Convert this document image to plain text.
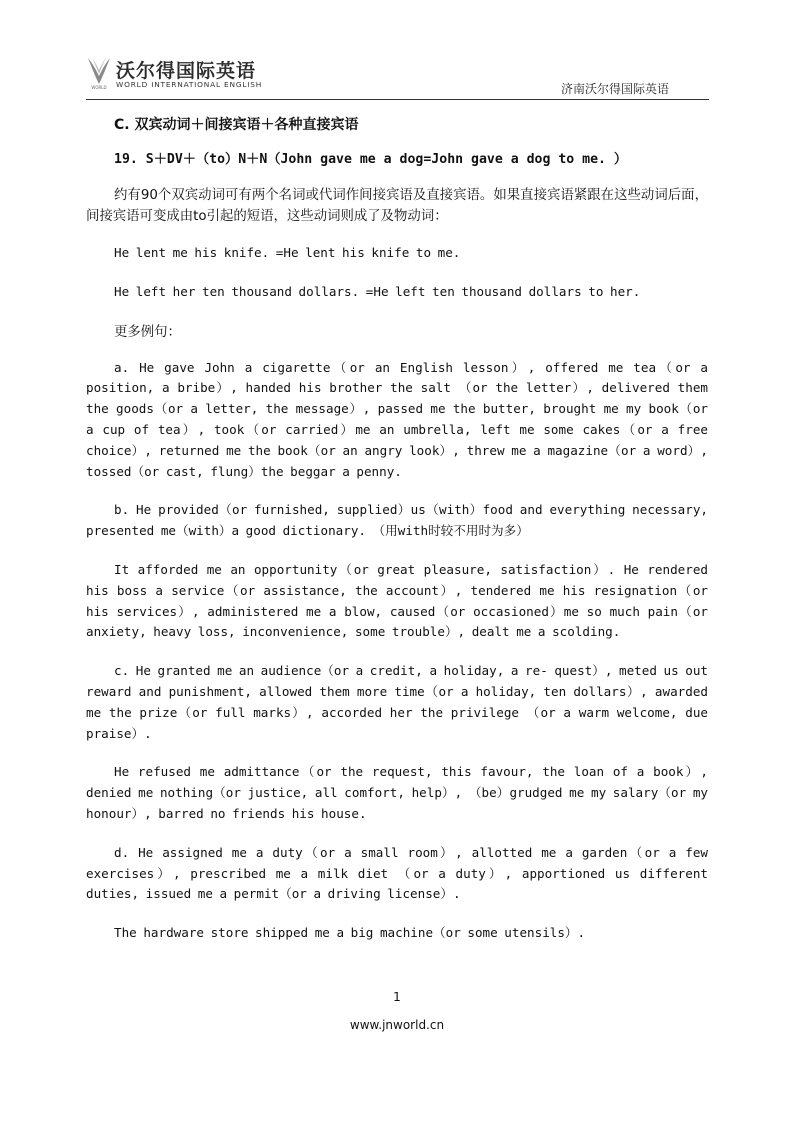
WORLD
沃尔得国际英语
WORLD INTERNATIONAL ENGLISH	济南沃尔得国际英语
C. 双宾动词＋间接宾语＋各种直接宾语
19. S＋DV＋（to）N＋N（John gave me a dog=John gave a dog to me. ）

约有90个双宾动词可有两个名词或代词作间接宾语及直接宾语。如果直接宾语紧跟在这些动词后面，间接宾语可变成由to引起的短语，这些动词则成了及物动词：

He lent me his knife. =He lent his knife to me.

He left her ten thousand dollars. =He left ten thousand dollars to her.

更多例句：

a. He gave John a cigarette（or an English lesson）, offered me tea（or a position, a bribe）, handed his brother the salt （or the letter）, delivered them the goods（or a letter, the message）, passed me the butter, brought me my book（or a cup of tea）, took（or carried）me an umbrella, left me some cakes（or a free choice）, returned me the book（or an angry look）, threw me a magazine（or a word）, tossed（or cast, flung）the beggar a penny.

b. He provided（or furnished, supplied）us（with）food and everything necessary, presented me（with）a good dictionary. （用with时较不用时为多）

It afforded me an opportunity（or great pleasure, satisfaction）. He rendered his boss a service（or assistance, the account）, tendered me his resignation（or his services）, administered me a blow, caused（or occasioned）me so much pain（or anxiety, heavy loss, inconvenience, some trouble）, dealt me a scolding.

c. He granted me an audience（or a credit, a holiday, a re- quest）, meted us out reward and punishment, allowed them more time（or a holiday, ten dollars）, awarded me the prize（or full marks）, accorded her the privilege （or a warm welcome, due praise）.

He refused me admittance（or the request, this favour, the loan of a book）, denied me nothing（or justice, all comfort, help）, （be）grudged me my salary（or my honour）, barred no friends his house.

d. He assigned me a duty（or a small room）, allotted me a garden（or a few exercises）, prescribed me a milk diet （or a duty）, apportioned us different duties, issued me a permit（or a driving license）.

The hardware store shipped me a big machine（or some utensils）.

1
www.jnworld.cn
